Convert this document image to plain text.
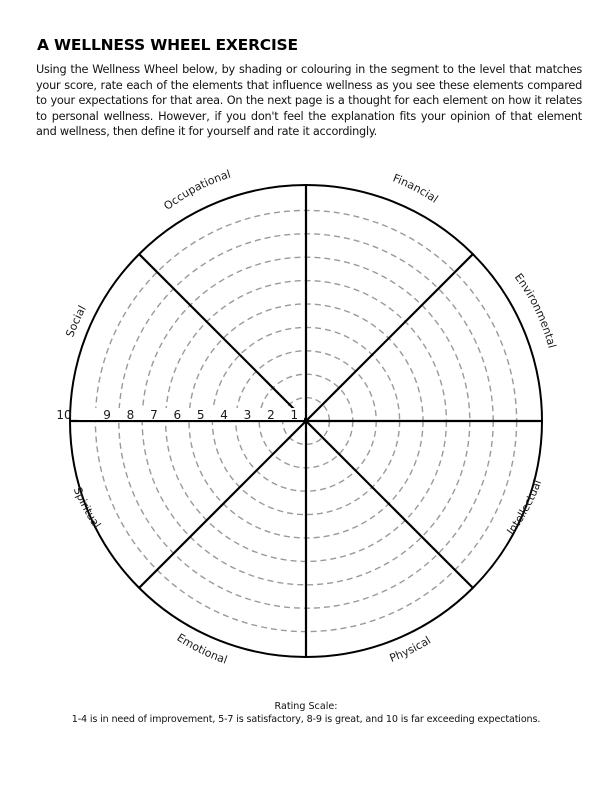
A WELLNESS WHEEL EXERCISE

Using the Wellness Wheel below, by shading or colouring in the segment to the level that matches your score, rate each of the elements that influence wellness as you see these elements compared to your expectations for that area. On the next page is a thought for each element on how it relates to personal wellness. However, if you don't feel the explanation fits your opinion of that element and wellness, then define it for yourself and rate it accordingly.

1
2
3
4
5
6
7
8
9
10
Occupational	Financial
Environmental
Intellectual
Physical
Emotional
Spiritual
Social
Rating Scale:
1-4 is in need of improvement, 5-7 is satisfactory, 8-9 is great, and 10 is far exceeding expectations.
